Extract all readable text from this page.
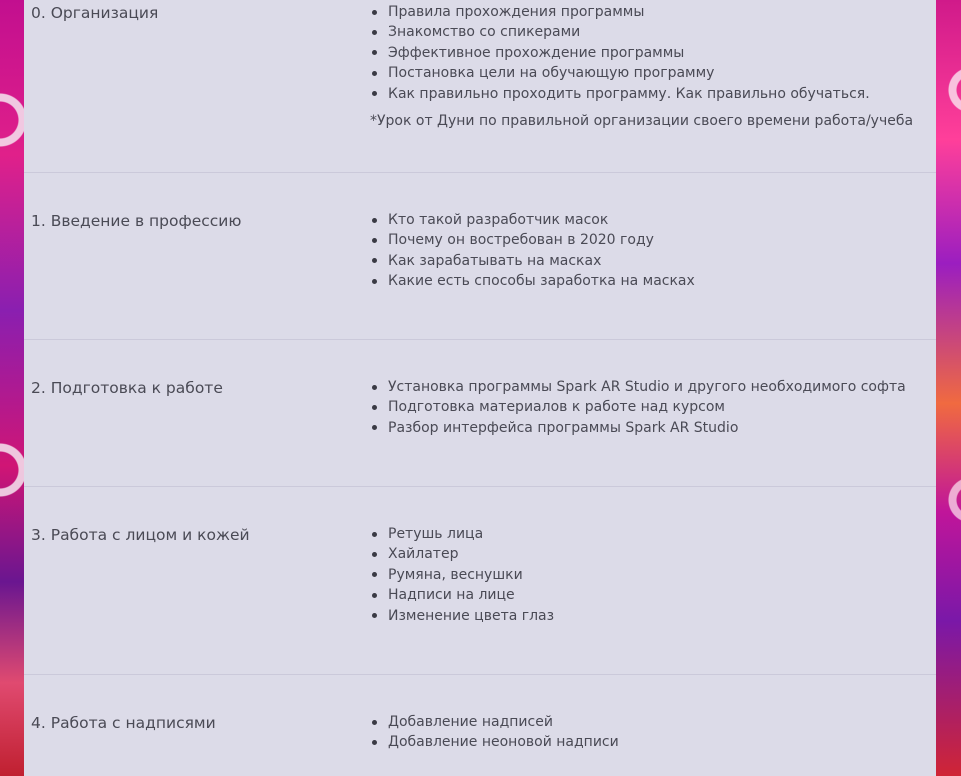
0. Организация	Правила прохождения программы
Знакомство со спикерами
Эффективное прохождение программы
Постановка цели на обучающую программу
Как правильно проходить программу. Как правильно обучаться.

*Урок от Дуни по правильной организации своего времени работа/учеба

1. Введение в профессию	Кто такой разработчик масок
Почему он востребован в 2020 году
Как зарабатывать на масках
Какие есть способы заработка на масках
2. Подготовка к работе	Установка программы Spark AR Studio и другого необходимого софта
Подготовка материалов к работе над курсом
Разбор интерфейса программы Spark AR Studio
3. Работа с лицом и кожей	Ретушь лица
Хайлатер
Румяна, веснушки
Надписи на лице
Изменение цвета глаз
4. Работа с надписями	Добавление надписей
Добавление неоновой надписи
